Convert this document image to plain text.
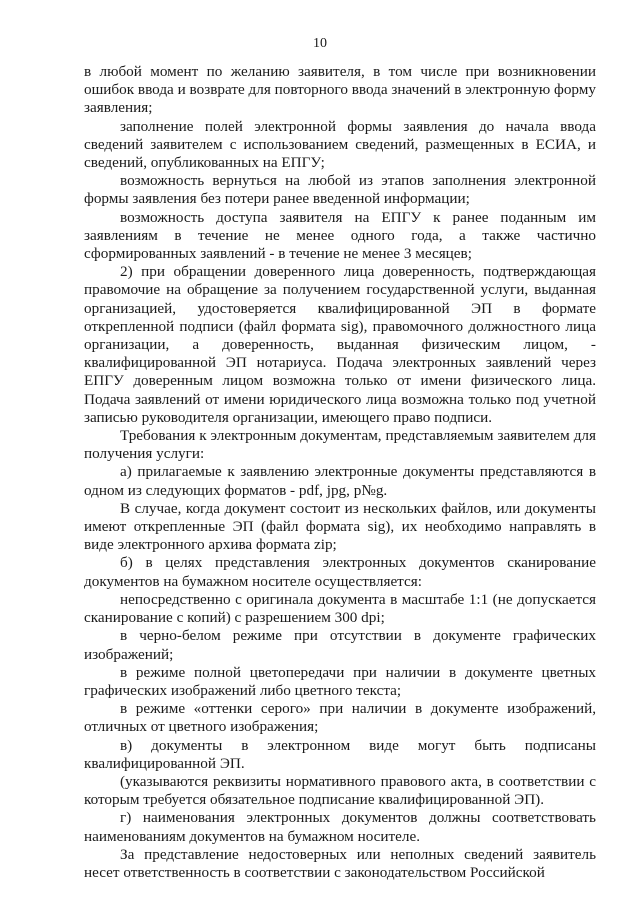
10

в любой момент по желанию заявителя, в том числе при возникновении ошибок ввода и возврате для повторного ввода значений в электронную форму заявления;

заполнение полей электронной формы заявления до начала ввода сведений заявителем с использованием сведений, размещенных в ЕСИА, и сведений, опубликованных на ЕПГУ;

возможность вернуться на любой из этапов заполнения электронной формы заявления без потери ранее введенной информации;

возможность доступа заявителя на ЕПГУ к ранее поданным им заявлениям в течение не менее одного года, а также частично сформированных заявлений - в течение не менее 3 месяцев;

2) при обращении доверенного лица доверенность, подтверждающая правомочие на обращение за получением государственной услуги, выданная организацией, удостоверяется квалифицированной ЭП в формате открепленной подписи (файл формата sig), правомочного должностного лица организации, а доверенность, выданная физическим лицом, - квалифицированной ЭП нотариуса. Подача электронных заявлений через ЕПГУ доверенным лицом возможна только от имени физического лица. Подача заявлений от имени юридического лица возможна только под учетной записью руководителя организации, имеющего право подписи.

Требования к электронным документам, представляемым заявителем для получения услуги:

а) прилагаемые к заявлению электронные документы представляются в одном из следующих форматов - pdf, jpg, p№g.

В случае, когда документ состоит из нескольких файлов, или документы имеют открепленные ЭП (файл формата sig), их необходимо направлять в виде электронного архива формата zip;

б) в целях представления электронных документов сканирование документов на бумажном носителе осуществляется:

непосредственно с оригинала документа в масштабе 1:1 (не допускается сканирование с копий) с разрешением 300 dpi;

в черно-белом режиме при отсутствии в документе графических изображений;

в режиме полной цветопередачи при наличии в документе цветных графических изображений либо цветного текста;

в режиме «оттенки серого» при наличии в документе изображений, отличных от цветного изображения;

в) документы в электронном виде могут быть подписаны квалифицированной ЭП.

(указываются реквизиты нормативного правового акта, в соответствии с которым требуется обязательное подписание квалифицированной ЭП).

г) наименования электронных документов должны соответствовать наименованиям документов на бумажном носителе.

За представление недостоверных или неполных сведений заявитель несет ответственность в соответствии с законодательством Российской
